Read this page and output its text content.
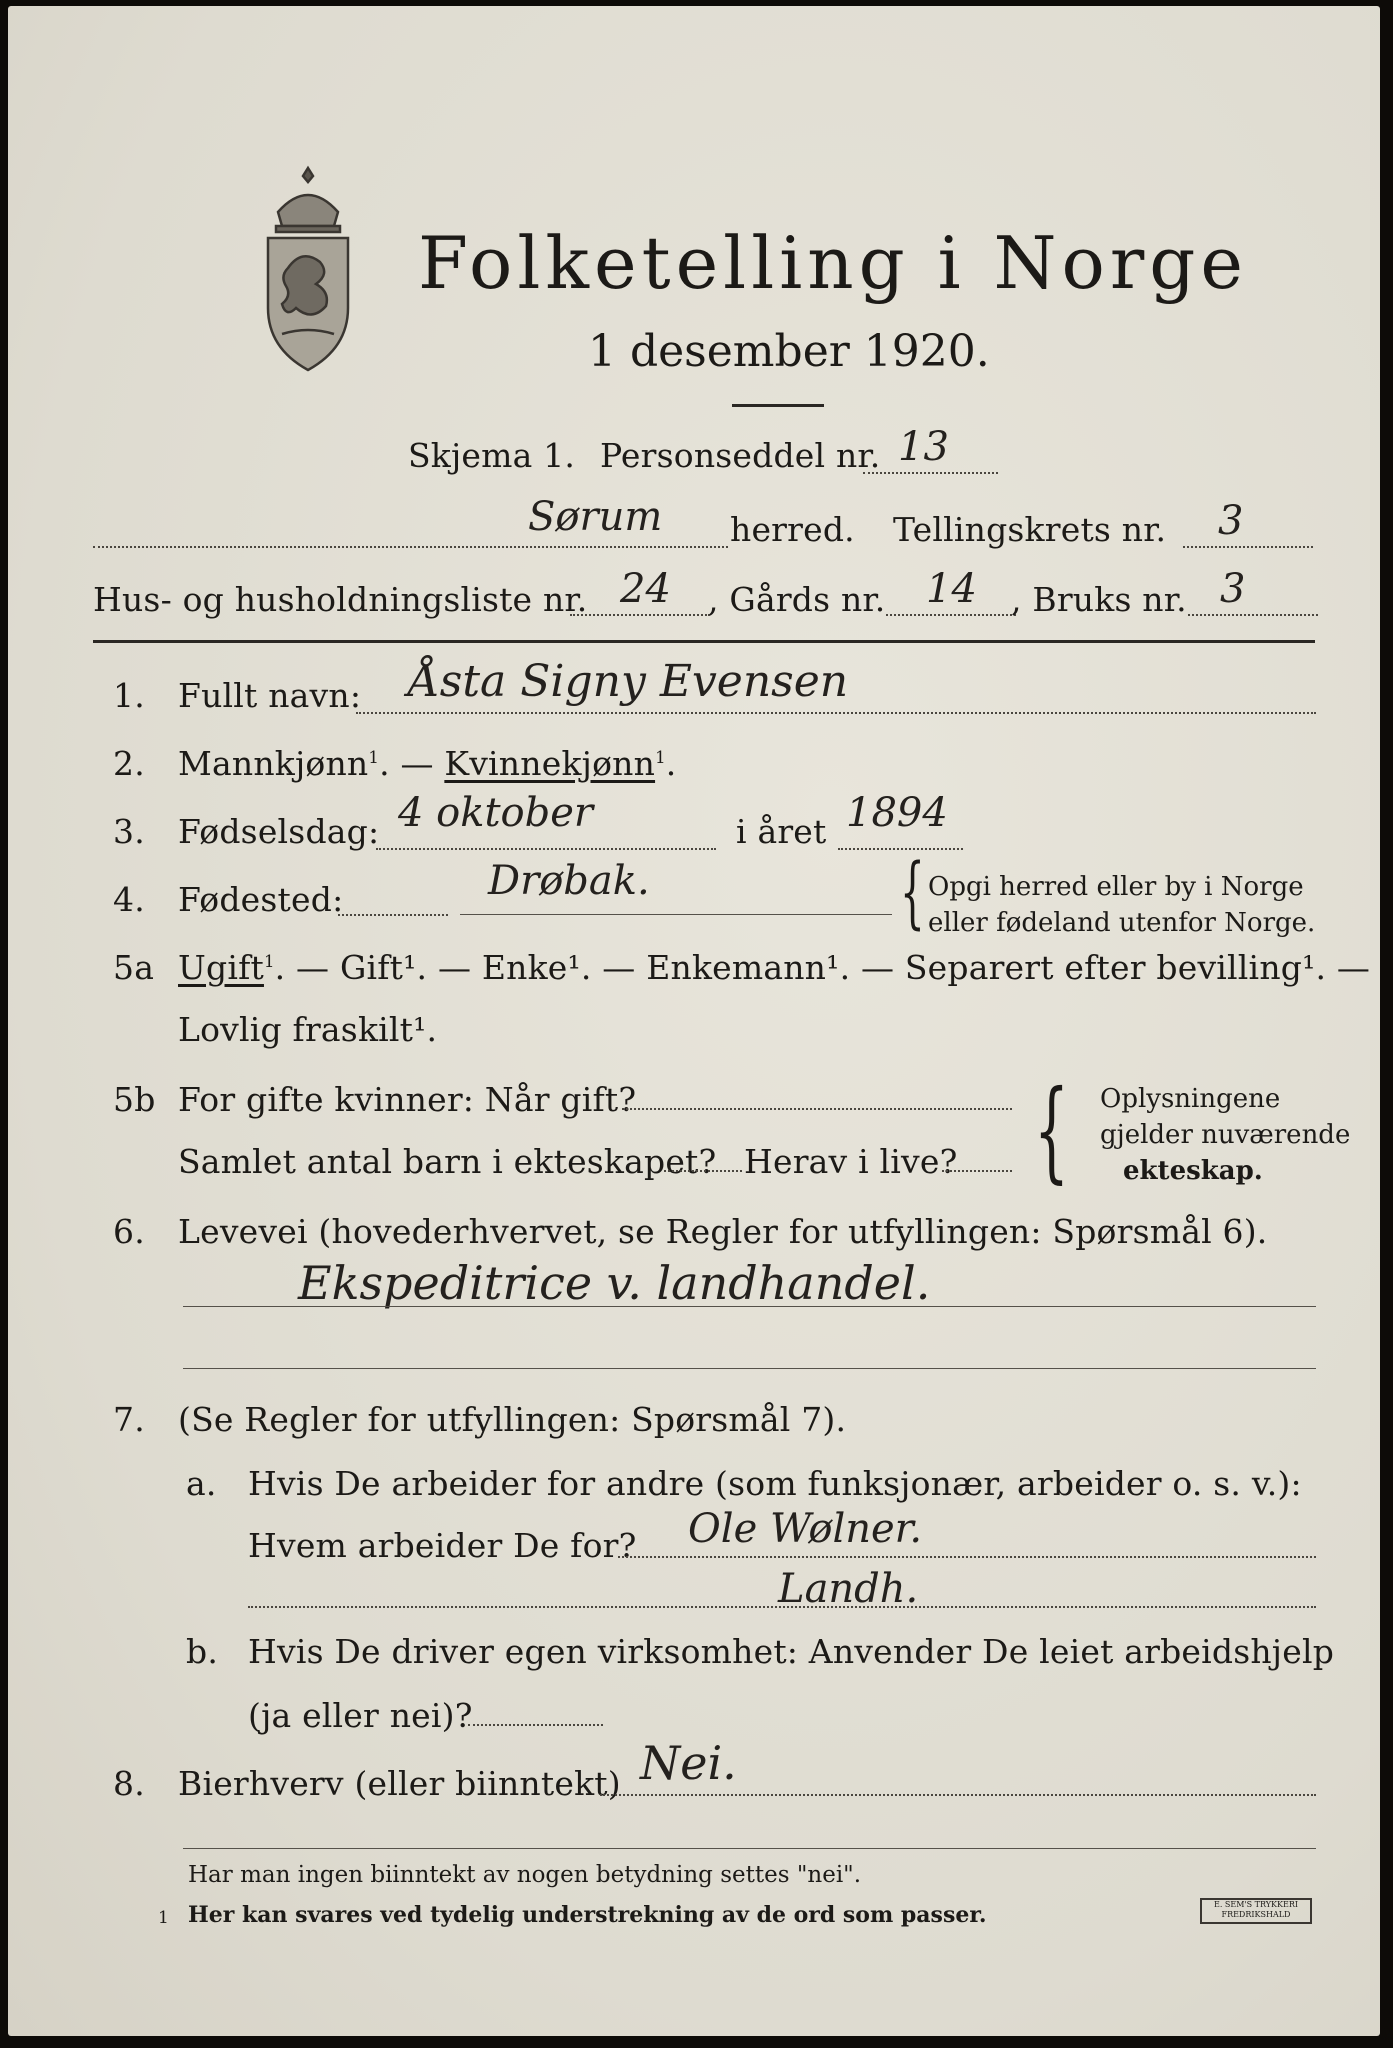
Folketelling i Norge
1 desember 1920.
Skjema 1. Personseddel nr. 13
Sørum herred. Tellingskrets nr. 3
Hus- og husholdningsliste nr. 24 , Gårds nr. 14 , Bruks nr. 3
1. Fullt navn: Åsta Signy Evensen
2. Mannkjønn$^1$. — Kvinnekjønn$^1$.
3. Fødselsdag: 4 oktober	i året 1894
4. Fødested:	Drøbak.	{ Opgi herred eller by i Norge
eller fødeland utenfor Norge.
5a Ugift$^1$. — Gift¹. — Enke¹. — Enkemann¹. — Separert efter bevilling¹. —
Lovlig fraskilt¹.
5b For gifte kvinner: Når gift?
Samlet antal barn i ekteskapet? Herav i live? { Oplysningene
gjelder nuværende
ekteskap.
6. Levevei (hovederhvervet, se Regler for utfyllingen: Spørsmål 6).
Ekspeditrice v. landhandel.
7. (Se Regler for utfyllingen: Spørsmål 7).
a. Hvis De arbeider for andre (som funksjonær, arbeider o. s. v.):
Hvem arbeider De for? Ole Wølner.
Landh.
b. Hvis De driver egen virksomhet: Anvender De leiet arbeidshjelp
(ja eller nei)?
8. Bierhverv (eller biinntekt) Nei.
Har man ingen biinntekt av nogen betydning settes "nei".
1 Her kan svares ved tydelig understrekning av de ord som passer.	E. SEM'S TRYKKERI
FREDRIKSHALD
